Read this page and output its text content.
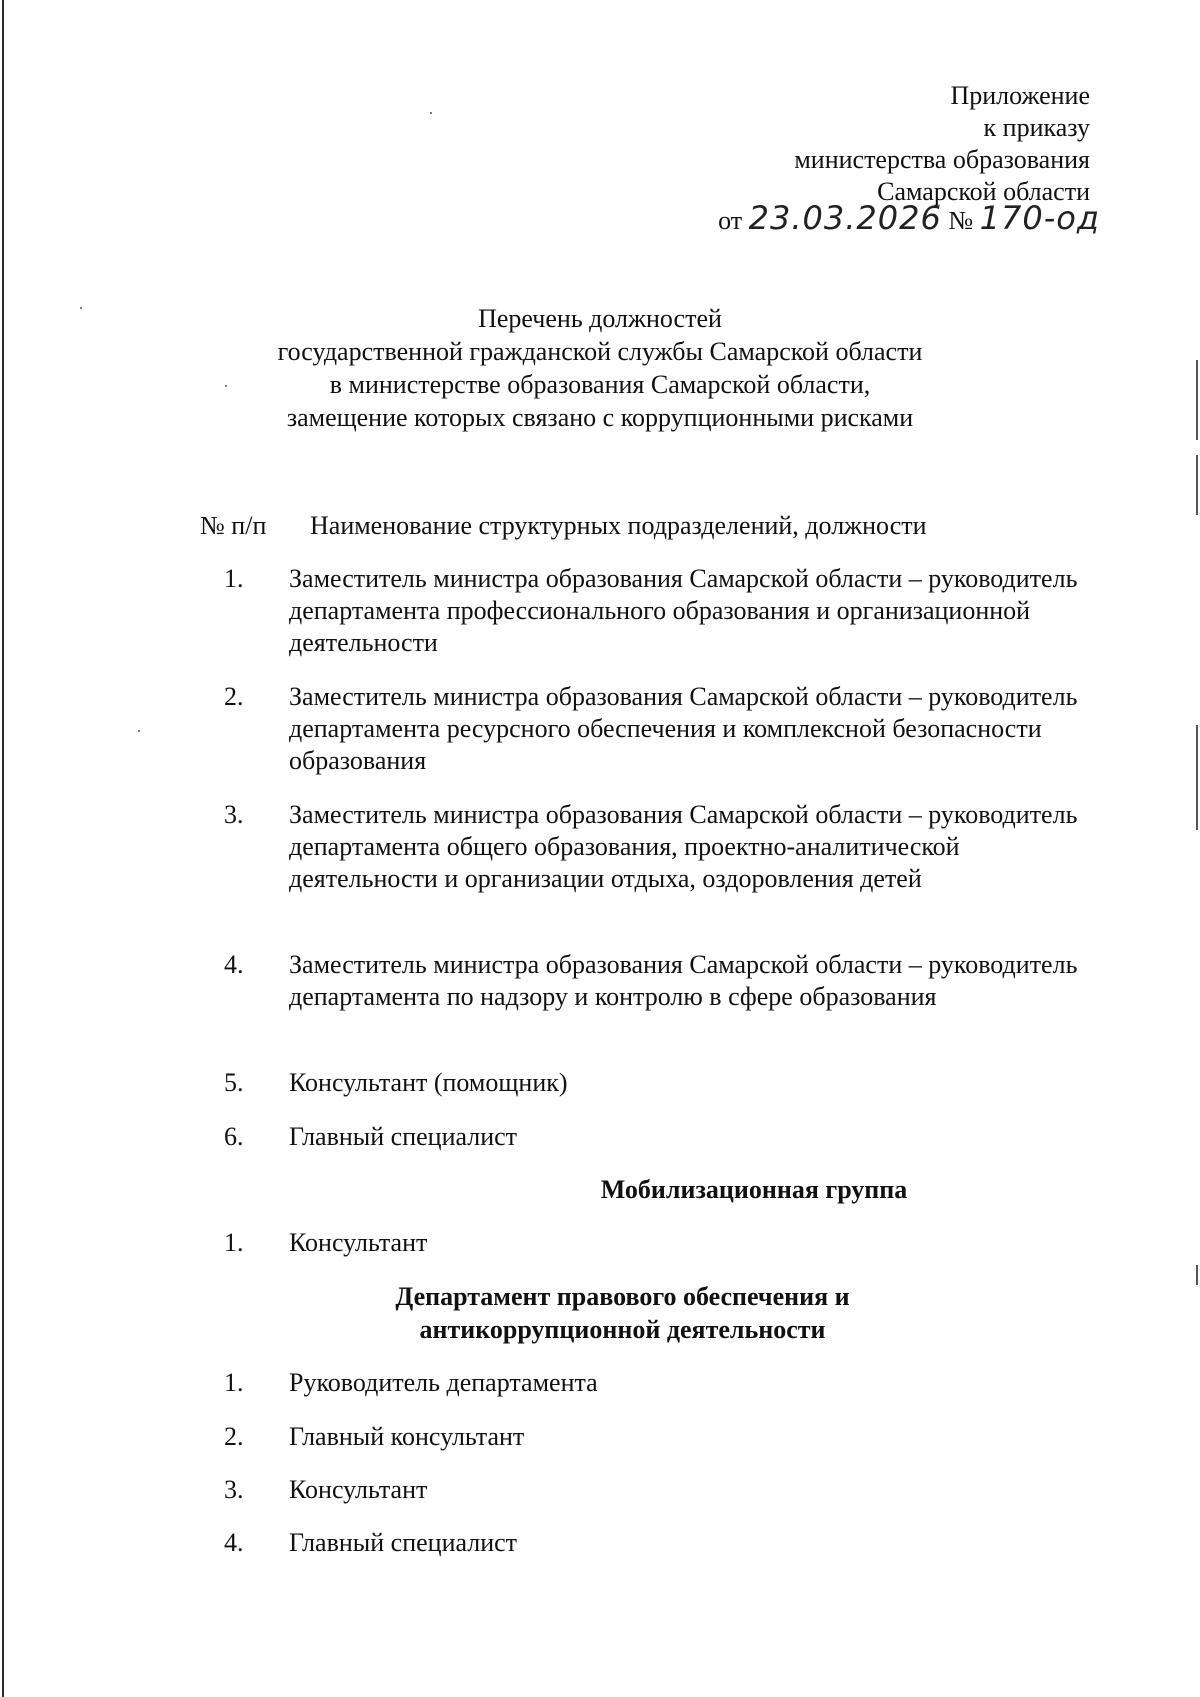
Приложение
к приказу
министерства образования
Самарской области
от 23.03.2026 № 170-од
Перечень должностей
государственной гражданской службы Самарской области
в министерстве образования Самарской области,
замещение которых связано с коррупционными рисками
№ п/п Наименование структурных подразделений, должности
1.	Заместитель министра образования Самарской области – руководитель департамента профессионального образования и организационной деятельности
2.	Заместитель министра образования Самарской области – руководитель департамента ресурсного обеспечения и комплексной безопасности образования
3.	Заместитель министра образования Самарской области – руководитель департамента общего образования, проектно-аналитической деятельности и организации отдыха, оздоровления детей
4.	Заместитель министра образования Самарской области – руководитель департамента по надзору и контролю в сфере образования
5.	Консультант (помощник)
6.	Главный специалист
Мобилизационная группа
1.	Консультант
Департамент правового обеспечения и
антикоррупционной деятельности
1.	Руководитель департамента
2.	Главный консультант
3.	Консультант
4.	Главный специалист
